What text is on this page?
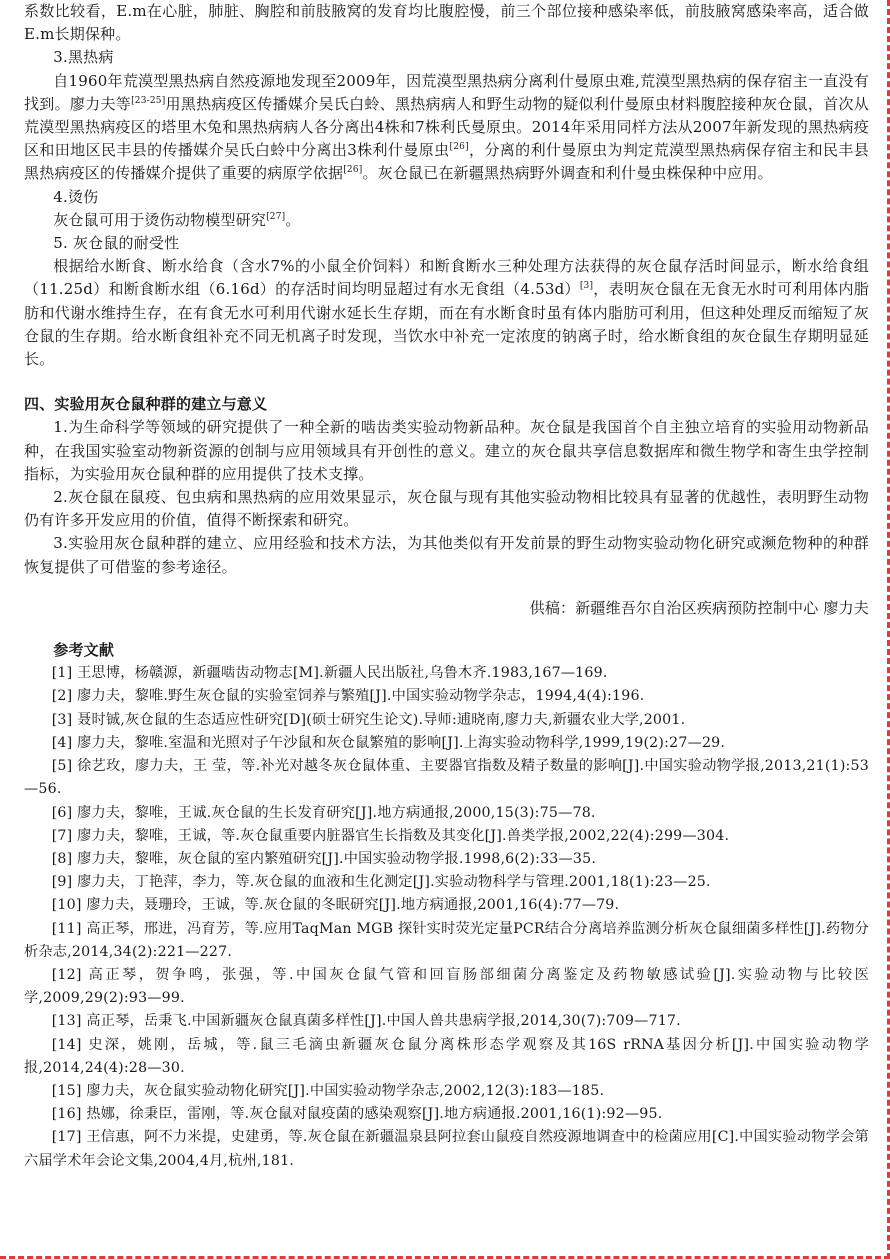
系数比较看，E.m在心脏，肺脏、胸腔和前肢腋窝的发育均比腹腔慢，前三个部位接种感染率低，前肢腋窝感染率高，适合做E.m长期保种。

3.黑热病

自1960年荒漠型黑热病自然疫源地发现至2009年，因荒漠型黑热病分离利什曼原虫难,荒漠型黑热病的保存宿主一直没有找到。廖力夫等[23-25]用黑热病疫区传播媒介吴氏白蛉、黑热病病人和野生动物的疑似利什曼原虫材料腹腔接种灰仓鼠，首次从荒漠型黑热病疫区的塔里木兔和黑热病病人各分离出4株和7株利氏曼原虫。2014年采用同样方法从2007年新发现的黑热病疫区和田地区民丰县的传播媒介吴氏白蛉中分离出3株利什曼原虫[26]，分离的利什曼原虫为判定荒漠型黑热病保存宿主和民丰县黑热病疫区的传播媒介提供了重要的病原学依据[26]。灰仓鼠已在新疆黑热病野外调查和利什曼虫株保种中应用。

4.烫伤

灰仓鼠可用于烫伤动物模型研究[27]。

5. 灰仓鼠的耐受性

根据给水断食、断水给食（含水7%的小鼠全价饲料）和断食断水三种处理方法获得的灰仓鼠存活时间显示，断水给食组（11.25d）和断食断水组（6.16d）的存活时间均明显超过有水无食组（4.53d）[3]，表明灰仓鼠在无食无水时可利用体内脂肪和代谢水维持生存，在有食无水可利用代谢水延长生存期，而在有水断食时虽有体内脂肪可利用，但这种处理反而缩短了灰仓鼠的生存期。给水断食组补充不同无机离子时发现，当饮水中补充一定浓度的钠离子时，给水断食组的灰仓鼠生存期明显延长。

四、实验用灰仓鼠种群的建立与意义

1.为生命科学等领域的研究提供了一种全新的啮齿类实验动物新品种。灰仓鼠是我国首个自主独立培育的实验用动物新品种，在我国实验室动物新资源的创制与应用领域具有开创性的意义。建立的灰仓鼠共享信息数据库和微生物学和寄生虫学控制指标，为实验用灰仓鼠种群的应用提供了技术支撑。

2.灰仓鼠在鼠疫、包虫病和黑热病的应用效果显示，灰仓鼠与现有其他实验动物相比较具有显著的优越性，表明野生动物仍有许多开发应用的价值，值得不断探索和研究。

3.实验用灰仓鼠种群的建立、应用经验和技术方法，为其他类似有开发前景的野生动物实验动物化研究或濒危物种的种群恢复提供了可借鉴的参考途径。

供稿：新疆维吾尔自治区疾病预防控制中心 廖力夫

参考文献

[1] 王思博，杨赣源，新疆啮齿动物志[M].新疆人民出版社,乌鲁木齐.1983,167—169.

[2] 廖力夫，黎唯.野生灰仓鼠的实验室饲养与繁殖[J].中国实验动物学杂志，1994,4(4):196.

[3] 聂时铖,灰仓鼠的生态适应性研究[D](硕士研究生论文).导师:逋晓南,廖力夫,新疆农业大学,2001.

[4] 廖力夫，黎唯.室温和光照对子午沙鼠和灰仓鼠繁殖的影响[J].上海实验动物科学,1999,19(2):27—29.

[5] 徐艺玫，廖力夫，王 莹，等.补光对越冬灰仓鼠体重、主要器官指数及精子数量的影响[J].中国实验动物学报,2013,21(1):53—56.

[6] 廖力夫，黎唯，王诚.灰仓鼠的生长发育研究[J].地方病通报,2000,15(3):75—78.

[7] 廖力夫，黎唯，王诚，等.灰仓鼠重要内脏器官生长指数及其变化[J].兽类学报,2002,22(4):299—304.

[8] 廖力夫，黎唯，灰仓鼠的室内繁殖研究[J].中国实验动物学报.1998,6(2):33—35.

[9] 廖力夫，丁艳萍，李力，等.灰仓鼠的血液和生化测定[J].实验动物科学与管理.2001,18(1):23—25.

[10] 廖力夫，聂珊玲，王诚，等.灰仓鼠的冬眠研究[J].地方病通报,2001,16(4):77—79.

[11] 高正琴，邢进，冯育芳，等.应用TaqMan MGB 探针实时荧光定量PCR结合分离培养监测分析灰仓鼠细菌多样性[J].药物分析杂志,2014,34(2):221—227.

[12] 高正琴，贺争鸣，张强，等.中国灰仓鼠气管和回盲肠部细菌分离鉴定及药物敏感试验[J].实验动物与比较医学,2009,29(2):93—99.

[13] 高正琴，岳秉飞.中国新疆灰仓鼠真菌多样性[J].中国人兽共患病学报,2014,30(7):709—717.

[14] 史深，姚刚，岳城，等.鼠三毛滴虫新疆灰仓鼠分离株形态学观察及其16S rRNA基因分析[J].中国实验动物学报,2014,24(4):28—30.

[15] 廖力夫，灰仓鼠实验动物化研究[J].中国实验动物学杂志,2002,12(3):183—185.

[16] 热娜，徐秉臣，雷刚，等.灰仓鼠对鼠疫菌的感染观察[J].地方病通报.2001,16(1):92—95.

[17] 王信惠，阿不力米提，史建勇，等.灰仓鼠在新疆温泉县阿拉套山鼠疫自然疫源地调查中的检菌应用[C].中国实验动物学会第六届学术年会论文集,2004,4月,杭州,181.
